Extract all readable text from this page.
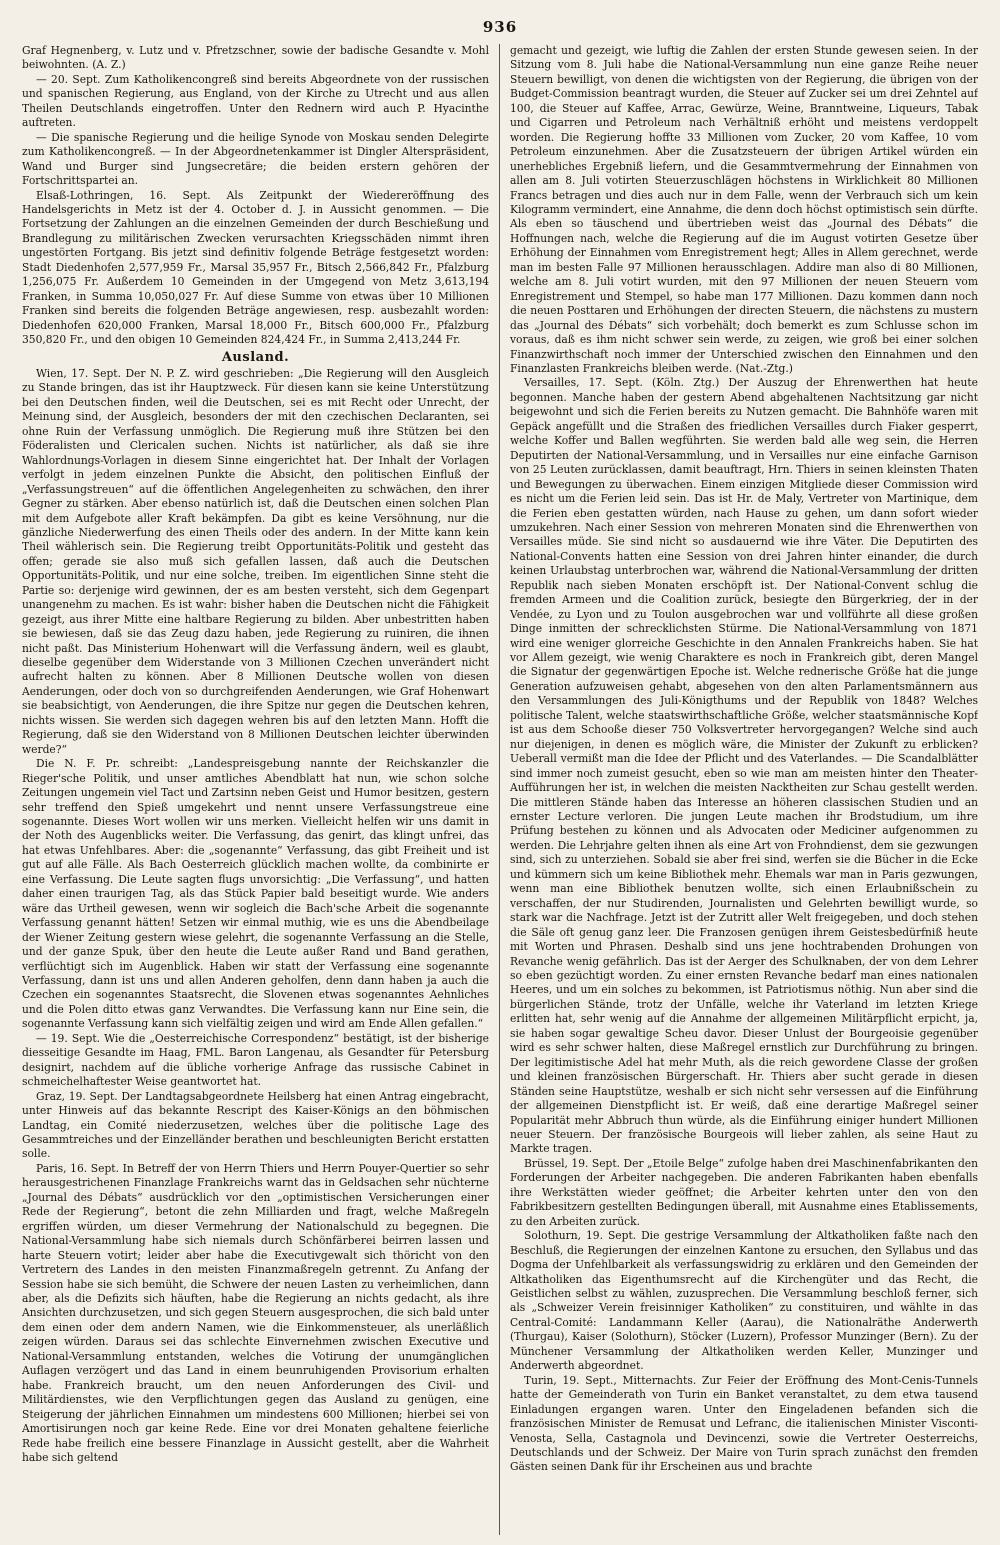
936

Graf Hegnenberg, v. Lutz und v. Pfretzschner, sowie der badische Gesandte v. Mohl beiwohnten. (A. Z.)

— 20. Sept. Zum Katholikencongreß sind bereits Abgeordnete von der russischen und spanischen Regierung, aus England, von der Kirche zu Utrecht und aus allen Theilen Deutschlands eingetroffen. Unter den Rednern wird auch P. Hyacinthe auftreten.

— Die spanische Regierung und die heilige Synode von Moskau senden Delegirte zum Katholikencongreß. — In der Abgeordnetenkammer ist Dingler Alterspräsident, Wand und Burger sind Jungsecretäre; die beiden erstern gehören der Fortschrittspartei an.

Elsaß-Lothringen, 16. Sept. Als Zeitpunkt der Wiedereröffnung des Handelsgerichts in Metz ist der 4. October d. J. in Aussicht genommen. — Die Fortsetzung der Zahlungen an die einzelnen Gemeinden der durch Beschießung und Brandlegung zu militärischen Zwecken verursachten Kriegsschäden nimmt ihren ungestörten Fortgang. Bis jetzt sind definitiv folgende Beträge festgesetzt worden: Stadt Diedenhofen 2,577,959 Fr., Marsal 35,957 Fr., Bitsch 2,566,842 Fr., Pfalzburg 1,256,075 Fr. Außerdem 10 Gemeinden in der Umgegend von Metz 3,613,194 Franken, in Summa 10,050,027 Fr. Auf diese Summe von etwas über 10 Millionen Franken sind bereits die folgenden Beträge angewiesen, resp. ausbezahlt worden: Diedenhofen 620,000 Franken, Marsal 18,000 Fr., Bitsch 600,000 Fr., Pfalzburg 350,820 Fr., und den obigen 10 Gemeinden 824,424 Fr., in Summa 2,413,244 Fr.

Ausland.

Wien, 17. Sept. Der N. P. Z. wird geschrieben: „Die Regierung will den Ausgleich zu Stande bringen, das ist ihr Hauptzweck. Für diesen kann sie keine Unterstützung bei den Deutschen finden, weil die Deutschen, sei es mit Recht oder Unrecht, der Meinung sind, der Ausgleich, besonders der mit den czechischen Declaranten, sei ohne Ruin der Verfassung unmöglich. Die Regierung muß ihre Stützen bei den Föderalisten und Clericalen suchen. Nichts ist natürlicher, als daß sie ihre Wahlordnungs-Vorlagen in diesem Sinne eingerichtet hat. Der Inhalt der Vorlagen verfolgt in jedem einzelnen Punkte die Absicht, den politischen Einfluß der „Verfassungstreuen“ auf die öffentlichen Angelegenheiten zu schwächen, den ihrer Gegner zu stärken. Aber ebenso natürlich ist, daß die Deutschen einen solchen Plan mit dem Aufgebote aller Kraft bekämpfen. Da gibt es keine Versöhnung, nur die gänzliche Niederwerfung des einen Theils oder des andern. In der Mitte kann kein Theil wählerisch sein. Die Regierung treibt Opportunitäts-Politik und gesteht das offen; gerade sie also muß sich gefallen lassen, daß auch die Deutschen Opportunitäts-Politik, und nur eine solche, treiben. Im eigentlichen Sinne steht die Partie so: derjenige wird gewinnen, der es am besten versteht, sich dem Gegenpart unangenehm zu machen. Es ist wahr: bisher haben die Deutschen nicht die Fähigkeit gezeigt, aus ihrer Mitte eine haltbare Regierung zu bilden. Aber unbestritten haben sie bewiesen, daß sie das Zeug dazu haben, jede Regierung zu ruiniren, die ihnen nicht paßt. Das Ministerium Hohenwart will die Verfassung ändern, weil es glaubt, dieselbe gegenüber dem Widerstande von 3 Millionen Czechen unverändert nicht aufrecht halten zu können. Aber 8 Millionen Deutsche wollen von diesen Aenderungen, oder doch von so durchgreifenden Aenderungen, wie Graf Hohenwart sie beabsichtigt, von Aenderungen, die ihre Spitze nur gegen die Deutschen kehren, nichts wissen. Sie werden sich dagegen wehren bis auf den letzten Mann. Hofft die Regierung, daß sie den Widerstand von 8 Millionen Deutschen leichter überwinden werde?“

Die N. F. Pr. schreibt: „Landespreisgebung nannte der Reichskanzler die Rieger'sche Politik, und unser amtliches Abendblatt hat nun, wie schon solche Zeitungen ungemein viel Tact und Zartsinn neben Geist und Humor besitzen, gestern sehr treffend den Spieß umgekehrt und nennt unsere Verfassungstreue eine sogenannte. Dieses Wort wollen wir uns merken. Vielleicht helfen wir uns damit in der Noth des Augenblicks weiter. Die Verfassung, das genirt, das klingt unfrei, das hat etwas Unfehlbares. Aber: die „sogenannte“ Verfassung, das gibt Freiheit und ist gut auf alle Fälle. Als Bach Oesterreich glücklich machen wollte, da combinirte er eine Verfassung. Die Leute sagten flugs unvorsichtig: „Die Verfassung“, und hatten daher einen traurigen Tag, als das Stück Papier bald beseitigt wurde. Wie anders wäre das Urtheil gewesen, wenn wir sogleich die Bach'sche Arbeit die sogenannte Verfassung genannt hätten! Setzen wir einmal muthig, wie es uns die Abendbeilage der Wiener Zeitung gestern wiese gelehrt, die sogenannte Verfassung an die Stelle, und der ganze Spuk, über den heute die Leute außer Rand und Band gerathen, verflüchtigt sich im Augenblick. Haben wir statt der Verfassung eine sogenannte Verfassung, dann ist uns und allen Anderen geholfen, denn dann haben ja auch die Czechen ein sogenanntes Staatsrecht, die Slovenen etwas sogenanntes Aehnliches und die Polen ditto etwas ganz Verwandtes. Die Verfassung kann nur Eine sein, die sogenannte Verfassung kann sich vielfältig zeigen und wird am Ende Allen gefallen.“

— 19. Sept. Wie die „Oesterreichische Correspondenz“ bestätigt, ist der bisherige diesseitige Gesandte im Haag, FML. Baron Langenau, als Gesandter für Petersburg designirt, nachdem auf die übliche vorherige Anfrage das russische Cabinet in schmeichelhaftester Weise geantwortet hat.

Graz, 19. Sept. Der Landtagsabgeordnete Heilsberg hat einen Antrag eingebracht, unter Hinweis auf das bekannte Rescript des Kaiser-Königs an den böhmischen Landtag, ein Comité niederzusetzen, welches über die politische Lage des Gesammtreiches und der Einzelländer berathen und beschleunigten Bericht erstatten solle.

Paris, 16. Sept. In Betreff der von Herrn Thiers und Herrn Pouyer-Quertier so sehr herausgestrichenen Finanzlage Frankreichs warnt das in Geldsachen sehr nüchterne „Journal des Débats“ ausdrücklich vor den „optimistischen Versicherungen einer Rede der Regierung“, betont die zehn Milliarden und fragt, welche Maßregeln ergriffen würden, um dieser Vermehrung der Nationalschuld zu begegnen. Die National-Versammlung habe sich niemals durch Schönfärberei beirren lassen und harte Steuern votirt; leider aber habe die Executivgewalt sich thöricht von den Vertretern des Landes in den meisten Finanzmaßregeln getrennt. Zu Anfang der Session habe sie sich bemüht, die Schwere der neuen Lasten zu verheimlichen, dann aber, als die Defizits sich häuften, habe die Regierung an nichts gedacht, als ihre Ansichten durchzusetzen, und sich gegen Steuern ausgesprochen, die sich bald unter dem einen oder dem andern Namen, wie die Einkommensteuer, als unerläßlich zeigen würden. Daraus sei das schlechte Einvernehmen zwischen Executive und National-Versammlung entstanden, welches die Votirung der unumgänglichen Auflagen verzögert und das Land in einem beunruhigenden Provisorium erhalten habe. Frankreich braucht, um den neuen Anforderungen des Civil- und Militärdienstes, wie den Verpflichtungen gegen das Ausland zu genügen, eine Steigerung der jährlichen Einnahmen um mindestens 600 Millionen; hierbei sei von Amortisirungen noch gar keine Rede. Eine vor drei Monaten gehaltene feierliche Rede habe freilich eine bessere Finanzlage in Aussicht gestellt, aber die Wahrheit habe sich geltend

gemacht und gezeigt, wie luftig die Zahlen der ersten Stunde gewesen seien. In der Sitzung vom 8. Juli habe die National-Versammlung nun eine ganze Reihe neuer Steuern bewilligt, von denen die wichtigsten von der Regierung, die übrigen von der Budget-Commission beantragt wurden, die Steuer auf Zucker sei um drei Zehntel auf 100, die Steuer auf Kaffee, Arrac, Gewürze, Weine, Branntweine, Liqueurs, Tabak und Cigarren und Petroleum nach Verhältniß erhöht und meistens verdoppelt worden. Die Regierung hoffte 33 Millionen vom Zucker, 20 vom Kaffee, 10 vom Petroleum einzunehmen. Aber die Zusatzsteuern der übrigen Artikel würden ein unerhebliches Ergebniß liefern, und die Gesammtvermehrung der Einnahmen von allen am 8. Juli votirten Steuerzuschlägen höchstens in Wirklichkeit 80 Millionen Francs betragen und dies auch nur in dem Falle, wenn der Verbrauch sich um kein Kilogramm vermindert, eine Annahme, die denn doch höchst optimistisch sein dürfte. Als eben so täuschend und übertrieben weist das „Journal des Débats“ die Hoffnungen nach, welche die Regierung auf die im August votirten Gesetze über Erhöhung der Einnahmen vom Enregistrement hegt; Alles in Allem gerechnet, werde man im besten Falle 97 Millionen herausschlagen. Addire man also di 80 Millionen, welche am 8. Juli votirt wurden, mit den 97 Millionen der neuen Steuern vom Enregistrement und Stempel, so habe man 177 Millionen. Dazu kommen dann noch die neuen Posttaren und Erhöhungen der directen Steuern, die nächstens zu mustern das „Journal des Débats“ sich vorbehält; doch bemerkt es zum Schlusse schon im voraus, daß es ihm nicht schwer sein werde, zu zeigen, wie groß bei einer solchen Finanzwirthschaft noch immer der Unterschied zwischen den Einnahmen und den Finanzlasten Frankreichs bleiben werde. (Nat.-Ztg.)

Versailles, 17. Sept. (Köln. Ztg.) Der Auszug der Ehrenwerthen hat heute begonnen. Manche haben der gestern Abend abgehaltenen Nachtsitzung gar nicht beigewohnt und sich die Ferien bereits zu Nutzen gemacht. Die Bahnhöfe waren mit Gepäck angefüllt und die Straßen des friedlichen Versailles durch Fiaker gesperrt, welche Koffer und Ballen wegführten. Sie werden bald alle weg sein, die Herren Deputirten der National-Versammlung, und in Versailles nur eine einfache Garnison von 25 Leuten zurücklassen, damit beauftragt, Hrn. Thiers in seinen kleinsten Thaten und Bewegungen zu überwachen. Einem einzigen Mitgliede dieser Commission wird es nicht um die Ferien leid sein. Das ist Hr. de Maly, Vertreter von Martinique, dem die Ferien eben gestatten würden, nach Hause zu gehen, um dann sofort wieder umzukehren. Nach einer Session von mehreren Monaten sind die Ehrenwerthen von Versailles müde. Sie sind nicht so ausdauernd wie ihre Väter. Die Deputirten des National-Convents hatten eine Session von drei Jahren hinter einander, die durch keinen Urlaubstag unterbrochen war, während die National-Versammlung der dritten Republik nach sieben Monaten erschöpft ist. Der National-Convent schlug die fremden Armeen und die Coalition zurück, besiegte den Bürgerkrieg, der in der Vendée, zu Lyon und zu Toulon ausgebrochen war und vollführte all diese großen Dinge inmitten der schrecklichsten Stürme. Die National-Versammlung von 1871 wird eine weniger glorreiche Geschichte in den Annalen Frankreichs haben. Sie hat vor Allem gezeigt, wie wenig Charaktere es noch in Frankreich gibt, deren Mangel die Signatur der gegenwärtigen Epoche ist. Welche rednerische Größe hat die junge Generation aufzuweisen gehabt, abgesehen von den alten Parlamentsmännern aus den Versammlungen des Juli-Königthums und der Republik von 1848? Welches politische Talent, welche staatswirthschaftliche Größe, welcher staatsmännische Kopf ist aus dem Schooße dieser 750 Volksvertreter hervorgegangen? Welche sind auch nur diejenigen, in denen es möglich wäre, die Minister der Zukunft zu erblicken? Ueberall vermißt man die Idee der Pflicht und des Vaterlandes. — Die Scandalblätter sind immer noch zumeist gesucht, eben so wie man am meisten hinter den Theater-Aufführungen her ist, in welchen die meisten Nacktheiten zur Schau gestellt werden. Die mittleren Stände haben das Interesse an höheren classischen Studien und an ernster Lecture verloren. Die jungen Leute machen ihr Brodstudium, um ihre Prüfung bestehen zu können und als Advocaten oder Mediciner aufgenommen zu werden. Die Lehrjahre gelten ihnen als eine Art von Frohndienst, dem sie gezwungen sind, sich zu unterziehen. Sobald sie aber frei sind, werfen sie die Bücher in die Ecke und kümmern sich um keine Bibliothek mehr. Ehemals war man in Paris gezwungen, wenn man eine Bibliothek benutzen wollte, sich einen Erlaubnißschein zu verschaffen, der nur Studirenden, Journalisten und Gelehrten bewilligt wurde, so stark war die Nachfrage. Jetzt ist der Zutritt aller Welt freigegeben, und doch stehen die Säle oft genug ganz leer. Die Franzosen genügen ihrem Geistesbedürfniß heute mit Worten und Phrasen. Deshalb sind uns jene hochtrabenden Drohungen von Revanche wenig gefährlich. Das ist der Aerger des Schulknaben, der von dem Lehrer so eben gezüchtigt worden. Zu einer ernsten Revanche bedarf man eines nationalen Heeres, und um ein solches zu bekommen, ist Patriotismus nöthig. Nun aber sind die bürgerlichen Stände, trotz der Unfälle, welche ihr Vaterland im letzten Kriege erlitten hat, sehr wenig auf die Annahme der allgemeinen Militärpflicht erpicht, ja, sie haben sogar gewaltige Scheu davor. Dieser Unlust der Bourgeoisie gegenüber wird es sehr schwer halten, diese Maßregel ernstlich zur Durchführung zu bringen. Der legitimistische Adel hat mehr Muth, als die reich gewordene Classe der großen und kleinen französischen Bürgerschaft. Hr. Thiers aber sucht gerade in diesen Ständen seine Hauptstütze, weshalb er sich nicht sehr versessen auf die Einführung der allgemeinen Dienstpflicht ist. Er weiß, daß eine derartige Maßregel seiner Popularität mehr Abbruch thun würde, als die Einführung einiger hundert Millionen neuer Steuern. Der französische Bourgeois will lieber zahlen, als seine Haut zu Markte tragen.

Brüssel, 19. Sept. Der „Etoile Belge“ zufolge haben drei Maschinenfabrikanten den Forderungen der Arbeiter nachgegeben. Die anderen Fabrikanten haben ebenfalls ihre Werkstätten wieder geöffnet; die Arbeiter kehrten unter den von den Fabrikbesitzern gestellten Bedingungen überall, mit Ausnahme eines Etablissements, zu den Arbeiten zurück.

Solothurn, 19. Sept. Die gestrige Versammlung der Altkatholiken faßte nach den Beschluß, die Regierungen der einzelnen Kantone zu ersuchen, den Syllabus und das Dogma der Unfehlbarkeit als verfassungswidrig zu erklären und den Gemeinden der Altkatholiken das Eigenthumsrecht auf die Kirchengüter und das Recht, die Geistlichen selbst zu wählen, zuzusprechen. Die Versammlung beschloß ferner, sich als „Schweizer Verein freisinniger Katholiken“ zu constituiren, und wählte in das Central-Comité: Landammann Keller (Aarau), die Nationalräthe Anderwerth (Thurgau), Kaiser (Solothurn), Stöcker (Luzern), Professor Munzinger (Bern). Zu der Münchener Versammlung der Altkatholiken werden Keller, Munzinger und Anderwerth abgeordnet.

Turin, 19. Sept., Mitternachts. Zur Feier der Eröffnung des Mont-Cenis-Tunnels hatte der Gemeinderath von Turin ein Banket veranstaltet, zu dem etwa tausend Einladungen ergangen waren. Unter den Eingeladenen befanden sich die französischen Minister de Remusat und Lefranc, die italienischen Minister Visconti-Venosta, Sella, Castagnola und Devincenzi, sowie die Vertreter Oesterreichs, Deutschlands und der Schweiz. Der Maire von Turin sprach zunächst den fremden Gästen seinen Dank für ihr Erscheinen aus und brachte
